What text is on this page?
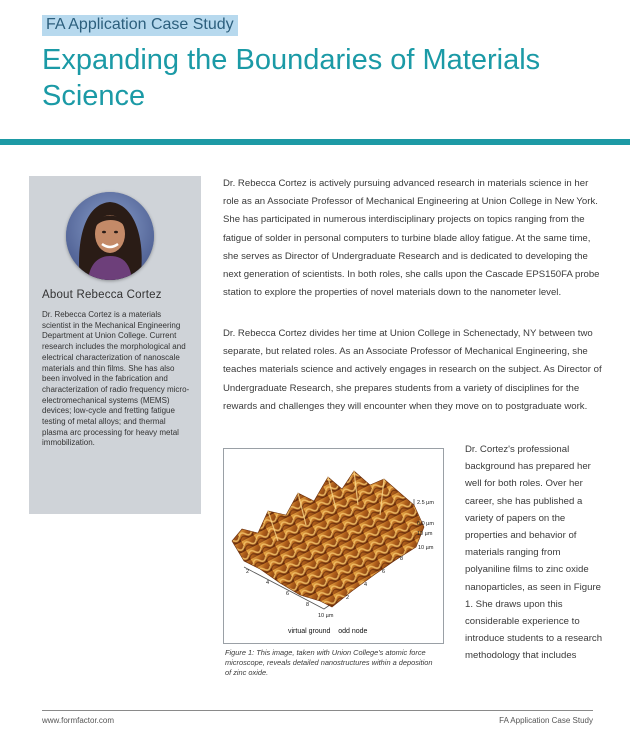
FA Application Case Study
Expanding the Boundaries of Materials Science
About Rebecca Cortez
Dr. Rebecca Cortez is a materials scientist in the Mechanical Engineering Department at Union College. Current research includes the morphological and electrical characterization of nanoscale materials and thin films. She has also been involved in the fabrication and characterization of radio frequency micro-electromechanical systems (MEMS) devices; low-cycle and fretting fatigue testing of metal alloys; and thermal plasma arc processing for heavy metal immobilization.

Dr. Rebecca Cortez is actively pursuing advanced research in materials science in her role as an Associate Professor of Mechanical Engineering at Union College in New York. She has participated in numerous interdisciplinary projects on topics ranging from the fatigue of solder in personal computers to turbine blade alloy fatigue. At the same time, she serves as Director of Undergraduate Research and is dedicated to developing the next generation of scientists. In both roles, she calls upon the Cascade EPS150FA probe station to explore the properties of novel materials down to the nanometer level.

Dr. Rebecca Cortez divides her time at Union College in Schenectady, NY between two separate, but related roles. As an Associate Professor of Mechanical Engineering, she teaches materials science and actively engages in research on the subject. As Director of Undergraduate Research, she prepares students from a variety of disciplines for the rewards and challenges they will encounter when they move on to postgraduate work.

Dr. Cortez's professional background has prepared her well for both roles. Over her career, she has published a variety of papers on the properties and behavior of materials ranging from polyaniline films to zinc oxide nanoparticles, as seen in Figure 1. She draws upon this considerable experience to introduce students to a research methodology that includes

2.5 µm
0.0 µm
10 µm
10 µm
2
4
6
8
10 µm
2
4
6
8
virtual ground    odd node
Figure 1: This image, taken with Union College's atomic force microscope, reveals detailed nanostructures within a deposition of zinc oxide.
www.formfactor.com	FA Application Case Study
